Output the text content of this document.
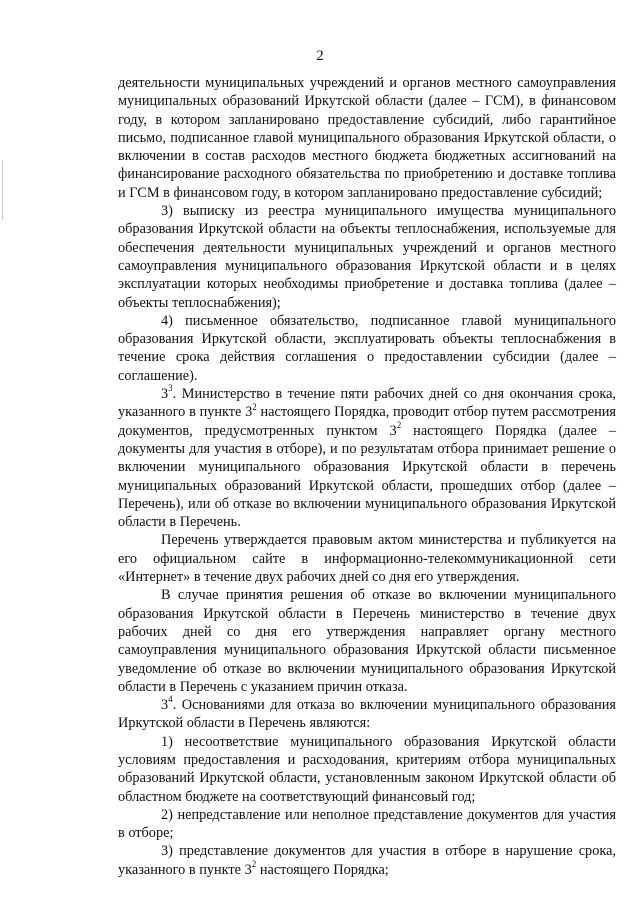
2

деятельности муниципальных учреждений и органов местного самоуправления муниципальных образований Иркутской области (далее – ГСМ), в финансовом году, в котором запланировано предоставление субсидий, либо гарантийное письмо, подписанное главой муниципального образования Иркутской области, о включении в состав расходов местного бюджета бюджетных ассигнований на финансирование расходного обязательства по приобретению и доставке топлива и ГСМ в финансовом году, в котором запланировано предоставление субсидий;

3) выписку из реестра муниципального имущества муниципального образования Иркутской области на объекты теплоснабжения, используемые для обеспечения деятельности муниципальных учреждений и органов местного самоуправления муниципального образования Иркутской области и в целях эксплуатации которых необходимы приобретение и доставка топлива (далее – объекты теплоснабжения);

4) письменное обязательство, подписанное главой муниципального образования Иркутской области, эксплуатировать объекты теплоснабжения в течение срока действия соглашения о предоставлении субсидии (далее – соглашение).

$3^3$. Министерство в течение пяти рабочих дней со дня окончания срока, указанного в пункте $3^2$ настоящего Порядка, проводит отбор путем рассмотрения документов, предусмотренных пунктом $3^2$ настоящего Порядка (далее – документы для участия в отборе), и по результатам отбора принимает решение о включении муниципального образования Иркутской области в перечень муниципальных образований Иркутской области, прошедших отбор (далее – Перечень), или об отказе во включении муниципального образования Иркутской области в Перечень.

Перечень утверждается правовым актом министерства и публикуется на его официальном сайте в информационно-телекоммуникационной сети «Интернет» в течение двух рабочих дней со дня его утверждения.

В случае принятия решения об отказе во включении муниципального образования Иркутской области в Перечень министерство в течение двух рабочих дней со дня его утверждения направляет органу местного самоуправления муниципального образования Иркутской области письменное уведомление об отказе во включении муниципального образования Иркутской области в Перечень с указанием причин отказа.

$3^4$. Основаниями для отказа во включении муниципального образования Иркутской области в Перечень являются:

1) несоответствие муниципального образования Иркутской области условиям предоставления и расходования, критериям отбора муниципальных образований Иркутской области, установленным законом Иркутской области об областном бюджете на соответствующий финансовый год;

2) непредставление или неполное представление документов для участия в отборе;

3) представление документов для участия в отборе в нарушение срока, указанного в пункте $3^2$ настоящего Порядка;
